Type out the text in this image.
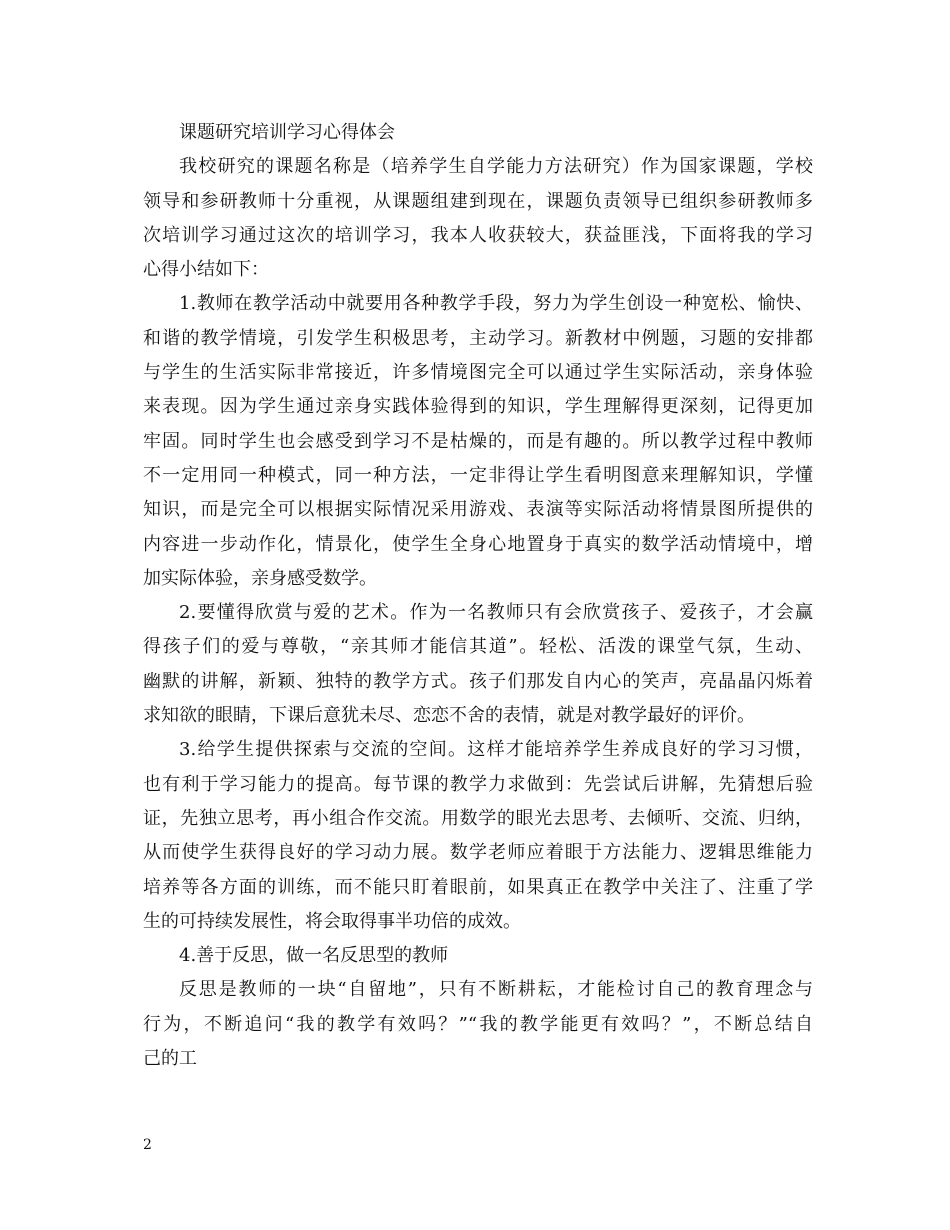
课题研究培训学习心得体会
我校研究的课题名称是（培养学生自学能力方法研究）作为国家课题，学校
领导和参研教师十分重视，从课题组建到现在，课题负责领导已组织参研教师多
次培训学习通过这次的培训学习，我本人收获较大，获益匪浅，下面将我的学习
心得小结如下：
1.教师在教学活动中就要用各种教学手段，努力为学生创设一种宽松、愉快、
和谐的教学情境，引发学生积极思考，主动学习。新教材中例题，习题的安排都
与学生的生活实际非常接近，许多情境图完全可以通过学生实际活动，亲身体验
来表现。因为学生通过亲身实践体验得到的知识，学生理解得更深刻，记得更加
牢固。同时学生也会感受到学习不是枯燥的，而是有趣的。所以教学过程中教师
不一定用同一种模式，同一种方法，一定非得让学生看明图意来理解知识，学懂
知识，而是完全可以根据实际情况采用游戏、表演等实际活动将情景图所提供的
内容进一步动作化，情景化，使学生全身心地置身于真实的数学活动情境中，增
加实际体验，亲身感受数学。
2.要懂得欣赏与爱的艺术。作为一名教师只有会欣赏孩子、爱孩子，才会赢
得孩子们的爱与尊敬，“亲其师才能信其道”。轻松、活泼的课堂气氛，生动、
幽默的讲解，新颖、独特的教学方式。孩子们那发自内心的笑声，亮晶晶闪烁着
求知欲的眼睛，下课后意犹未尽、恋恋不舍的表情，就是对教学最好的评价。
3.给学生提供探索与交流的空间。这样才能培养学生养成良好的学习习惯，
也有利于学习能力的提高。每节课的教学力求做到：先尝试后讲解，先猜想后验
证，先独立思考，再小组合作交流。用数学的眼光去思考、去倾听、交流、归纳，
从而使学生获得良好的学习动力展。数学老师应着眼于方法能力、逻辑思维能力
培养等各方面的训练，而不能只盯着眼前，如果真正在教学中关注了、注重了学
生的可持续发展性，将会取得事半功倍的成效。
4.善于反思，做一名反思型的教师
反思是教师的一块“自留地”，只有不断耕耘，才能检讨自己的教育理念与
行为，不断追问“我的教学有效吗？”“我的教学能更有效吗？”，不断总结自
己的工
2
